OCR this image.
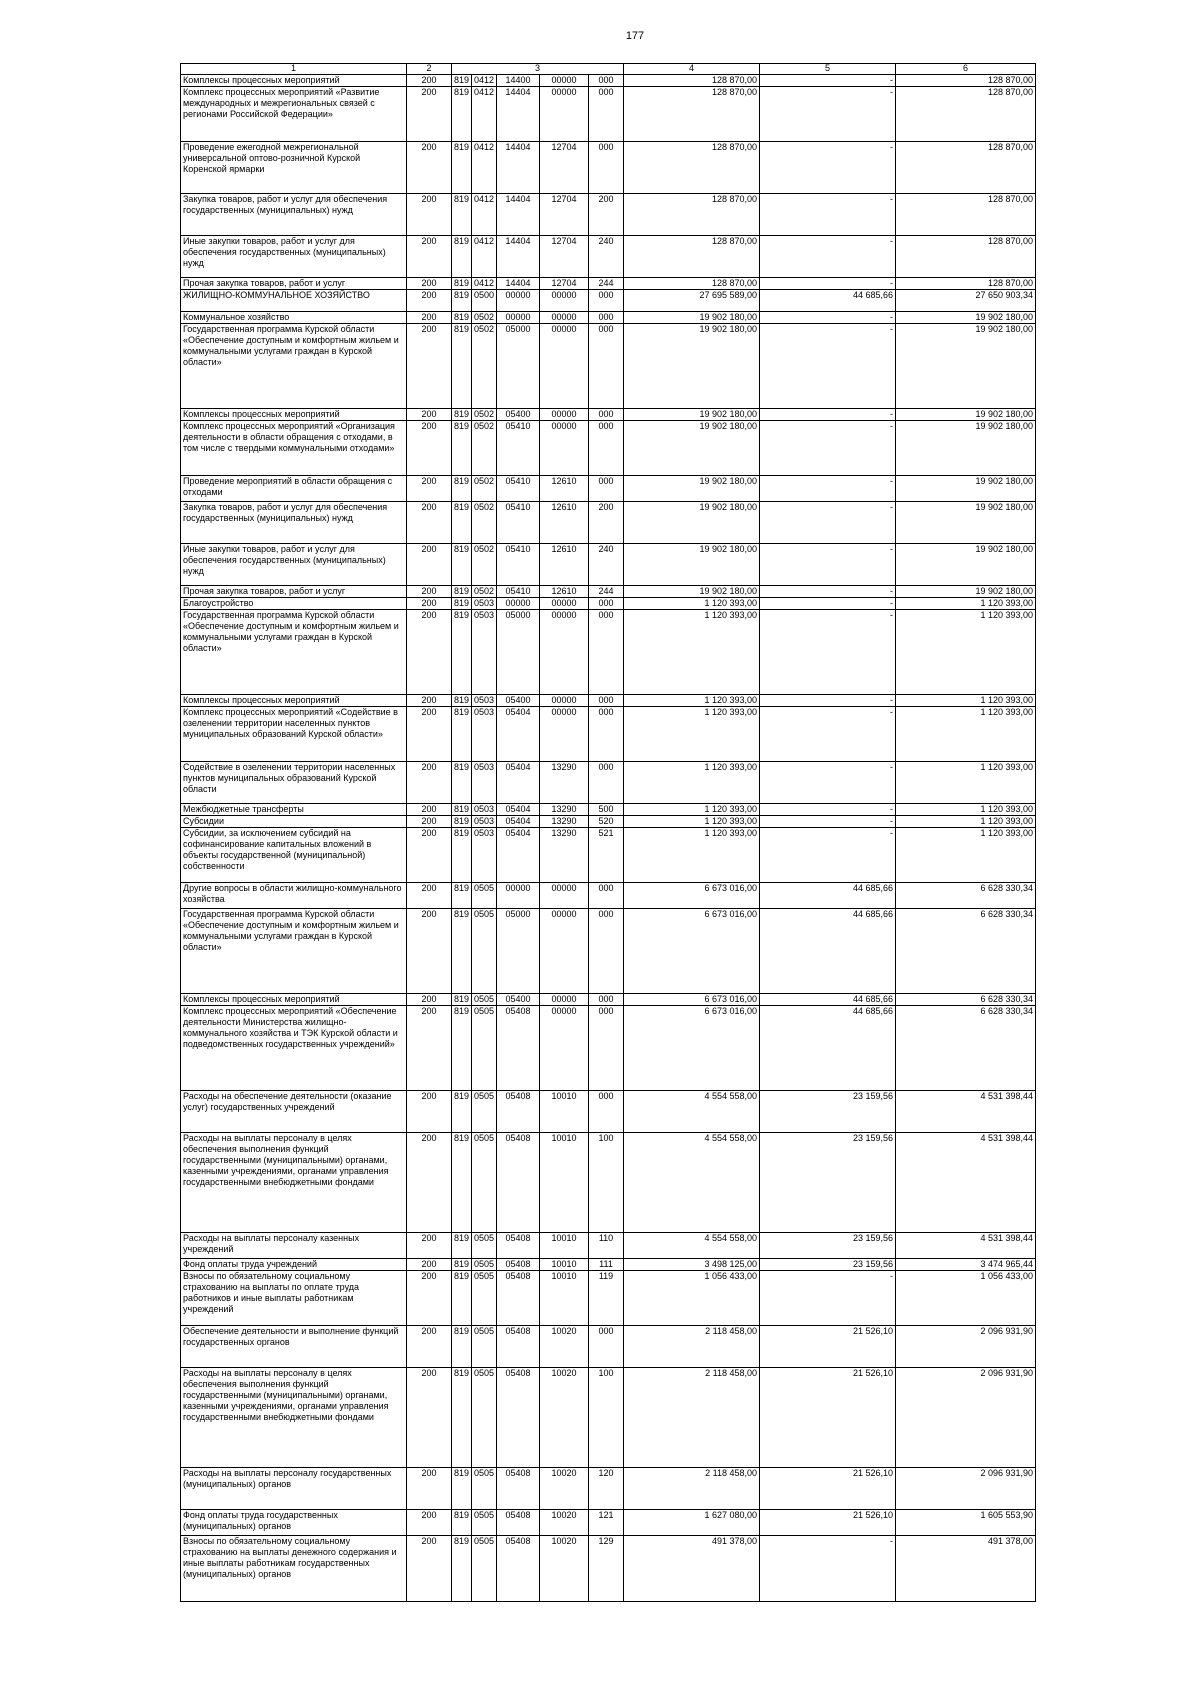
177
1	2	3					4	5	6
Комплексы процессных мероприятий	200	819	0412	14400	00000	000	128 870,00	-	128 870,00
Комплекс процессных мероприятий «Развитие международных и межрегиональных связей с регионами Российской Федерации»	200	819	0412	14404	00000	000	128 870,00	-	128 870,00
Проведение ежегодной межрегиональной универсальной оптово-розничной Курской Коренской ярмарки	200	819	0412	14404	12704	000	128 870,00	-	128 870,00
Закупка товаров, работ и услуг для обеспечения государственных (муниципальных) нужд	200	819	0412	14404	12704	200	128 870,00	-	128 870,00
Иные закупки товаров, работ и услуг для обеспечения государственных (муниципальных) нужд	200	819	0412	14404	12704	240	128 870,00	-	128 870,00
Прочая закупка товаров, работ и услуг	200	819	0412	14404	12704	244	128 870,00	-	128 870,00
ЖИЛИЩНО-КОММУНАЛЬНОЕ ХОЗЯЙСТВО	200	819	0500	00000	00000	000	27 695 589,00	44 685,66	27 650 903,34
Коммунальное хозяйство	200	819	0502	00000	00000	000	19 902 180,00	-	19 902 180,00
Государственная программа Курской области «Обеспечение доступным и комфортным жильем и коммунальными услугами граждан в Курской области»	200	819	0502	05000	00000	000	19 902 180,00	-	19 902 180,00
Комплексы процессных мероприятий	200	819	0502	05400	00000	000	19 902 180,00	-	19 902 180,00
Комплекс процессных мероприятий «Организация деятельности в области обращения с отходами, в том числе с твердыми коммунальными отходами»	200	819	0502	05410	00000	000	19 902 180,00	-	19 902 180,00
Проведение мероприятий в области обращения с отходами	200	819	0502	05410	12610	000	19 902 180,00	-	19 902 180,00
Закупка товаров, работ и услуг для обеспечения государственных (муниципальных) нужд	200	819	0502	05410	12610	200	19 902 180,00	-	19 902 180,00
Иные закупки товаров, работ и услуг для обеспечения государственных (муниципальных) нужд	200	819	0502	05410	12610	240	19 902 180,00	-	19 902 180,00
Прочая закупка товаров, работ и услуг	200	819	0502	05410	12610	244	19 902 180,00	-	19 902 180,00
Благоустройство	200	819	0503	00000	00000	000	1 120 393,00	-	1 120 393,00
Государственная программа Курской области «Обеспечение доступным и комфортным жильем и коммунальными услугами граждан в Курской области»	200	819	0503	05000	00000	000	1 120 393,00	-	1 120 393,00
Комплексы процессных мероприятий	200	819	0503	05400	00000	000	1 120 393,00	-	1 120 393,00
Комплекс процессных мероприятий «Содействие в озеленении территории населенных пунктов муниципальных образований Курской области»	200	819	0503	05404	00000	000	1 120 393,00	-	1 120 393,00
Содействие в озеленении территории населенных пунктов муниципальных образований Курской области	200	819	0503	05404	13290	000	1 120 393,00	-	1 120 393,00
Межбюджетные трансферты	200	819	0503	05404	13290	500	1 120 393,00	-	1 120 393,00
Субсидии	200	819	0503	05404	13290	520	1 120 393,00	-	1 120 393,00
Субсидии, за исключением субсидий на софинансирование капитальных вложений в объекты государственной (муниципальной) собственности	200	819	0503	05404	13290	521	1 120 393,00	-	1 120 393,00
Другие вопросы в области жилищно-коммунального хозяйства	200	819	0505	00000	00000	000	6 673 016,00	44 685,66	6 628 330,34
Государственная программа Курской области «Обеспечение доступным и комфортным жильем и коммунальными услугами граждан в Курской области»	200	819	0505	05000	00000	000	6 673 016,00	44 685,66	6 628 330,34
Комплексы процессных мероприятий	200	819	0505	05400	00000	000	6 673 016,00	44 685,66	6 628 330,34
Комплекс процессных мероприятий «Обеспечение деятельности Министерства жилищно-коммунального хозяйства и ТЭК Курской области и подведомственных государственных учреждений»	200	819	0505	05408	00000	000	6 673 016,00	44 685,66	6 628 330,34
Расходы на обеспечение деятельности (оказание услуг) государственных учреждений	200	819	0505	05408	10010	000	4 554 558,00	23 159,56	4 531 398,44
Расходы на выплаты персоналу в целях обеспечения выполнения функций государственными (муниципальными) органами, казенными учреждениями, органами управления государственными внебюджетными фондами	200	819	0505	05408	10010	100	4 554 558,00	23 159,56	4 531 398,44
Расходы на выплаты персоналу казенных учреждений	200	819	0505	05408	10010	110	4 554 558,00	23 159,56	4 531 398,44
Фонд оплаты труда учреждений	200	819	0505	05408	10010	111	3 498 125,00	23 159,56	3 474 965,44
Взносы по обязательному социальному страхованию на выплаты по оплате труда работников и иные выплаты работникам учреждений	200	819	0505	05408	10010	119	1 056 433,00	-	1 056 433,00
Обеспечение деятельности и выполнение функций государственных органов	200	819	0505	05408	10020	000	2 118 458,00	21 526,10	2 096 931,90
Расходы на выплаты персоналу в целях обеспечения выполнения функций государственными (муниципальными) органами, казенными учреждениями, органами управления государственными внебюджетными фондами	200	819	0505	05408	10020	100	2 118 458,00	21 526,10	2 096 931,90
Расходы на выплаты персоналу государственных (муниципальных) органов	200	819	0505	05408	10020	120	2 118 458,00	21 526,10	2 096 931,90
Фонд оплаты труда государственных (муниципальных) органов	200	819	0505	05408	10020	121	1 627 080,00	21 526,10	1 605 553,90
Взносы по обязательному социальному страхованию на выплаты денежного содержания и иные выплаты работникам государственных (муниципальных) органов	200	819	0505	05408	10020	129	491 378,00	-	491 378,00
